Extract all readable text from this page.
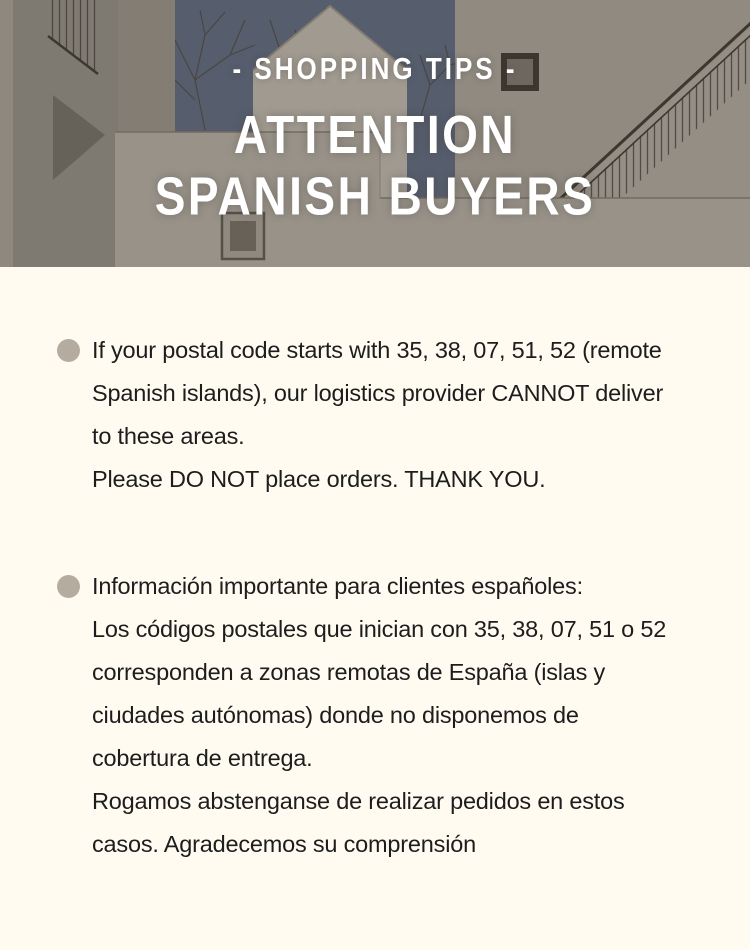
- SHOPPING TIPS -
ATTENTION
SPANISH BUYERS
If your postal code starts with 35, 38, 07, 51, 52 (remote
Spanish islands), our logistics provider CANNOT deliver
to these areas.
Please DO NOT place orders. THANK YOU.
Información importante para clientes españoles:
Los códigos postales que inician con 35, 38, 07, 51 o 52
corresponden a zonas remotas de España (islas y
ciudades autónomas) donde no disponemos de
cobertura de entrega.
Rogamos abstenganse de realizar pedidos en estos
casos. Agradecemos su comprensión
